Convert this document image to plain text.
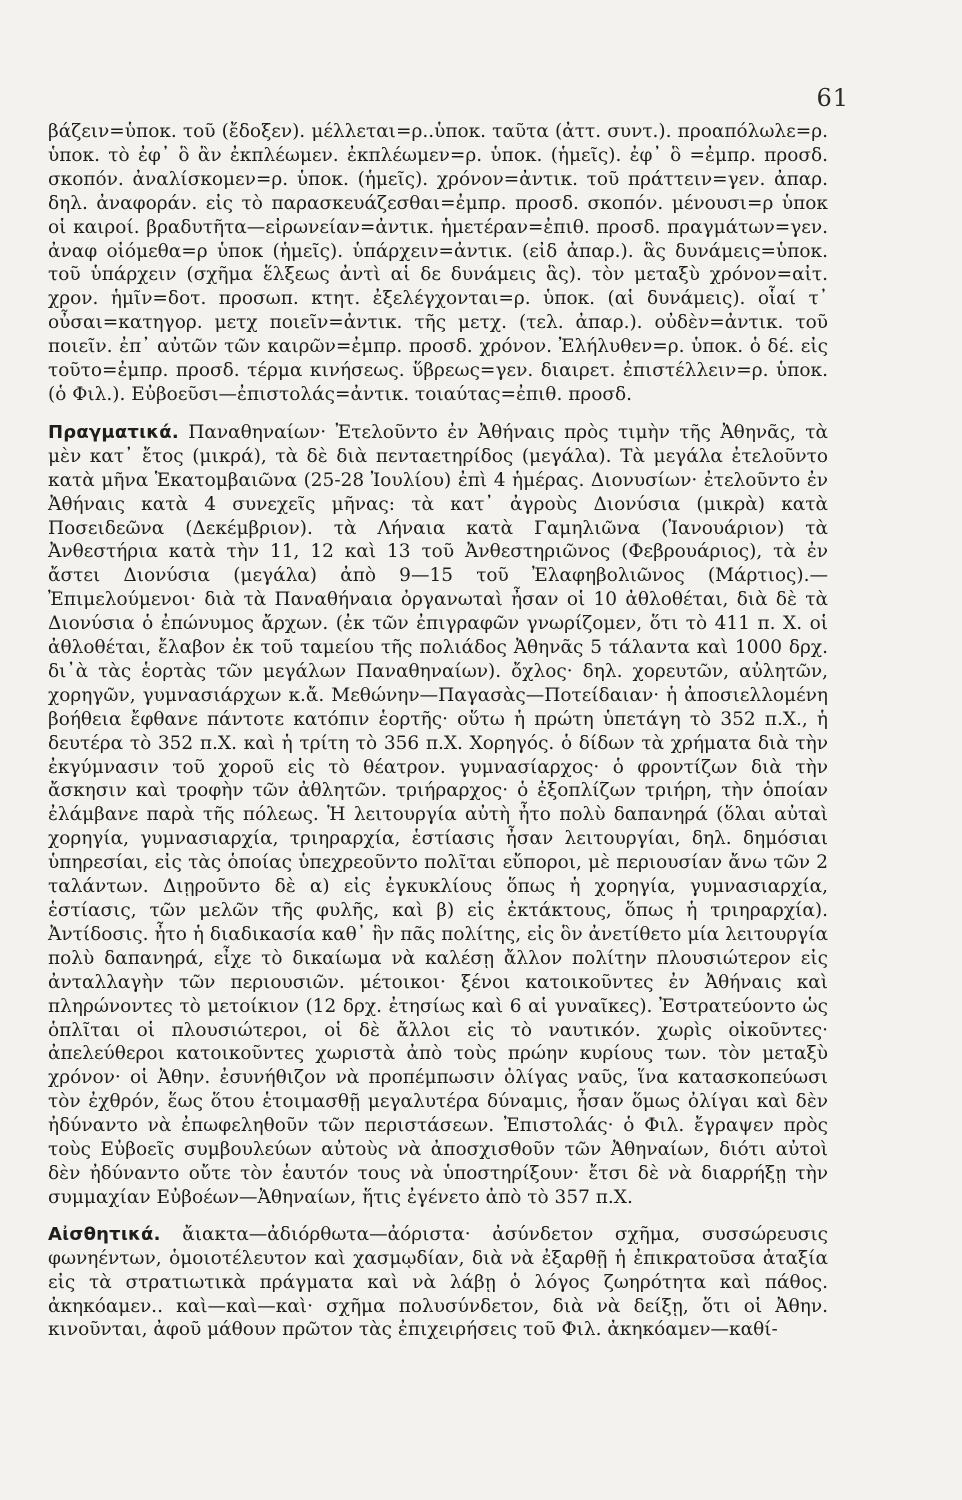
61

βάζειν=ὑποκ. τοῦ (ἔδοξεν). μέλλεται=ρ..ὑποκ. ταῦτα (ἀττ. συντ.). προαπόλωλε=ρ. ὑποκ. τὸ ἐφ᾿ ὃ ἂν ἐκπλέωμεν. ἐκπλέωμεν=ρ. ὑποκ. (ἡμεῖς). ἐφ᾿ ὃ =ἐμπρ. προσδ. σκοπόν. ἀναλίσκομεν=ρ. ὑποκ. (ἡμεῖς). χρόνον=ἀντικ. τοῦ πράττειν=γεν. ἀπαρ. δηλ. ἀναφοράν. εἰς τὸ παρασκευάζεσθαι=ἐμπρ. προσδ. σκοπόν. μένουσι=ρ ὑποκ οἱ καιροί. βραδυτῆτα—εἰρωνείαν=ἀντικ. ἡμετέραν=ἐπιθ. προσδ. πραγμάτων=γεν. ἀναφ οἰόμεθα=ρ ὑποκ (ἡμεῖς). ὑπάρχειν=ἀντικ. (εἰδ ἀπαρ.). ἃς δυνάμεις=ὑποκ. τοῦ ὑπάρχειν (σχῆμα ἕλξεως ἀντὶ αἱ δε δυνάμεις ἃς). τὸν μεταξὺ χρόνον=αἰτ. χρον. ἡμῖν=δοτ. προσωπ. κτητ. ἐξελέγχονται=ρ. ὑποκ. (αἱ δυνάμεις). οἷαί τ᾿ οὖσαι=κατηγορ. μετχ ποιεῖν=ἀντικ. τῆς μετχ. (τελ. ἀπαρ.). οὐδὲν=ἀντικ. τοῦ ποιεῖν. ἐπ᾿ αὐτῶν τῶν καιρῶν=ἐμπρ. προσδ. χρόνον. Ἐλήλυθεν=ρ. ὑποκ. ὁ δέ. εἰς τοῦτο=ἐμπρ. προσδ. τέρμα κινήσεως. ὕβρεως=γεν. διαιρετ. ἐπιστέλλειν=ρ. ὑποκ. (ὁ Φιλ.). Εὐβοεῦσι—ἐπιστολάς=ἀντικ. τοιαύτας=ἐπιθ. προσδ.

Πραγματικά. Παναθηναίων· Ἐτελοῦντο ἐν Ἀθήναις πρὸς τιμὴν τῆς Ἀθηνᾶς, τὰ μὲν κατ᾿ ἔτος (μικρά), τὰ δὲ διὰ πενταετηρίδος (μεγάλα). Τὰ μεγάλα ἐτελοῦντο κατὰ μῆνα Ἑκατομβαιῶνα (25-28 Ἰουλίου) ἐπὶ 4 ἡμέρας. Διονυσίων· ἐτελοῦντο ἐν Ἀθήναις κατὰ 4 συνεχεῖς μῆνας: τὰ κατ᾿ ἀγροὺς Διονύσια (μικρὰ) κατὰ Ποσειδεῶνα (Δεκέμβριον). τὰ Λήναια κατὰ Γαμηλιῶνα (Ἰανουάριον) τὰ Ἀνθεστήρια κατὰ τὴν 11, 12 καὶ 13 τοῦ Ἀνθεστηριῶνος (Φεβρουάριος), τὰ ἐν ἄστει Διονύσια (μεγάλα) ἀπὸ 9—15 τοῦ Ἐλαφηβολιῶνος (Μάρτιος).—Ἐπιμελούμενοι· διὰ τὰ Παναθήναια ὀργανωταὶ ἦσαν οἱ 10 ἀθλοθέται, διὰ δὲ τὰ Διονύσια ὁ ἐπώνυμος ἄρχων. (ἐκ τῶν ἐπιγραφῶν γνωρίζομεν, ὅτι τὸ 411 π. Χ. οἱ ἀθλοθέται, ἔλαβον ἐκ τοῦ ταμείου τῆς πολιάδος Ἀθηνᾶς 5 τάλαντα καὶ 1000 δρχ. δι᾿ὰ τὰς ἑορτὰς τῶν μεγάλων Παναθηναίων). ὄχλος· δηλ. χορευτῶν, αὐλητῶν, χορηγῶν, γυμνασιάρχων κ.ἄ. Μεθώνην—Παγασὰς—Ποτείδαιαν· ἡ ἀποσιελλομένη βοήθεια ἔφθανε πάντοτε κατόπιν ἑορτῆς· οὕτω ἡ πρώτη ὑπετάγη τὸ 352 π.Χ., ἡ δευτέρα τὸ 352 π.Χ. καὶ ἡ τρίτη τὸ 356 π.Χ. Χορηγός. ὁ δίδων τὰ χρήματα διὰ τὴν ἐκγύμνασιν τοῦ χοροῦ εἰς τὸ θέατρον. γυμνασίαρχος· ὁ φροντίζων διὰ τὴν ἄσκησιν καὶ τροφὴν τῶν ἀθλητῶν. τριήραρχος· ὁ ἐξοπλίζων τριήρη, τὴν ὁποίαν ἐλάμβανε παρὰ τῆς πόλεως. Ἡ λειτουργία αὐτὴ ἦτο πολὺ δαπανηρά (ὅλαι αὐταὶ χορηγία, γυμνασιαρχία, τριηραρχία, ἑστίασις ἦσαν λειτουργίαι, δηλ. δημόσιαι ὑπηρεσίαι, εἰς τὰς ὁποίας ὑπεχρεοῦντο πολῖται εὔποροι, μὲ περιουσίαν ἄνω τῶν 2 ταλάντων. Διῃροῦντο δὲ α) εἰς ἐγκυκλίους ὅπως ἡ χορηγία, γυμνασιαρχία, ἑστίασις, τῶν μελῶν τῆς φυλῆς, καὶ β) εἰς ἐκτάκτους, ὅπως ἡ τριηραρχία). Ἀντίδοσις. ἦτο ἡ διαδικασία καθ᾿ ἣν πᾶς πολίτης, εἰς ὃν ἀνετίθετο μία λειτουργία πολὺ δαπανηρά, εἶχε τὸ δικαίωμα νὰ καλέσῃ ἄλλον πολίτην πλουσιώτερον εἰς ἀνταλλαγὴν τῶν περιουσιῶν. μέτοικοι· ξένοι κατοικοῦντες ἐν Ἀθήναις καὶ πληρώνοντες τὸ μετοίκιον (12 δρχ. ἐτησίως καὶ 6 αἱ γυναῖκες). Ἐστρατεύοντο ὡς ὁπλῖται οἱ πλουσιώτεροι, οἱ δὲ ἄλλοι εἰς τὸ ναυτικόν. χωρὶς οἰκοῦντες· ἀπελεύθεροι κατοικοῦντες χωριστὰ ἀπὸ τοὺς πρώην κυρίους των. τὸν μεταξὺ χρόνον· οἱ Ἀθην. ἐσυνήθιζον νὰ προπέμπωσιν ὀλίγας ναῦς, ἵνα κατασκοπεύωσι τὸν ἐχθρόν, ἕως ὅτου ἑτοιμασθῇ μεγαλυτέρα δύναμις, ἦσαν ὅμως ὀλίγαι καὶ δὲν ἠδύναντο νὰ ἐπωφεληθοῦν τῶν περιστάσεων. Ἐπιστολάς· ὁ Φιλ. ἔγραψεν πρὸς τοὺς Εὐβοεῖς συμβουλεύων αὐτοὺς νὰ ἀποσχισθοῦν τῶν Ἀθηναίων, διότι αὐτοὶ δὲν ἠδύναντο οὔτε τὸν ἑαυτόν τους νὰ ὑποστηρίξουν· ἔτσι δὲ νὰ διαρρήξῃ τὴν συμμαχίαν Εὐβοέων—Ἀθηναίων, ἥτις ἐγένετο ἀπὸ τὸ 357 π.Χ.

Αἰσθητικά. ἄιακτα—ἀδιόρθωτα—ἀόριστα· ἀσύνδετον σχῆμα, συσσώρευσις φωνηέντων, ὁμοιοτέλευτον καὶ χασμῳδίαν, διὰ νὰ ἐξαρθῇ ἡ ἐπικρατοῦσα ἀταξία εἰς τὰ στρατιωτικὰ πράγματα καὶ νὰ λάβῃ ὁ λόγος ζωηρότητα καὶ πάθος. ἀκηκόαμεν.. καὶ—καὶ—καὶ· σχῆμα πολυσύνδετον, διὰ νὰ δείξῃ, ὅτι οἱ Ἀθην. κινοῦνται, ἀφοῦ μάθουν πρῶτον τὰς ἐπιχειρήσεις τοῦ Φιλ. ἀκηκόαμεν—καθί-
